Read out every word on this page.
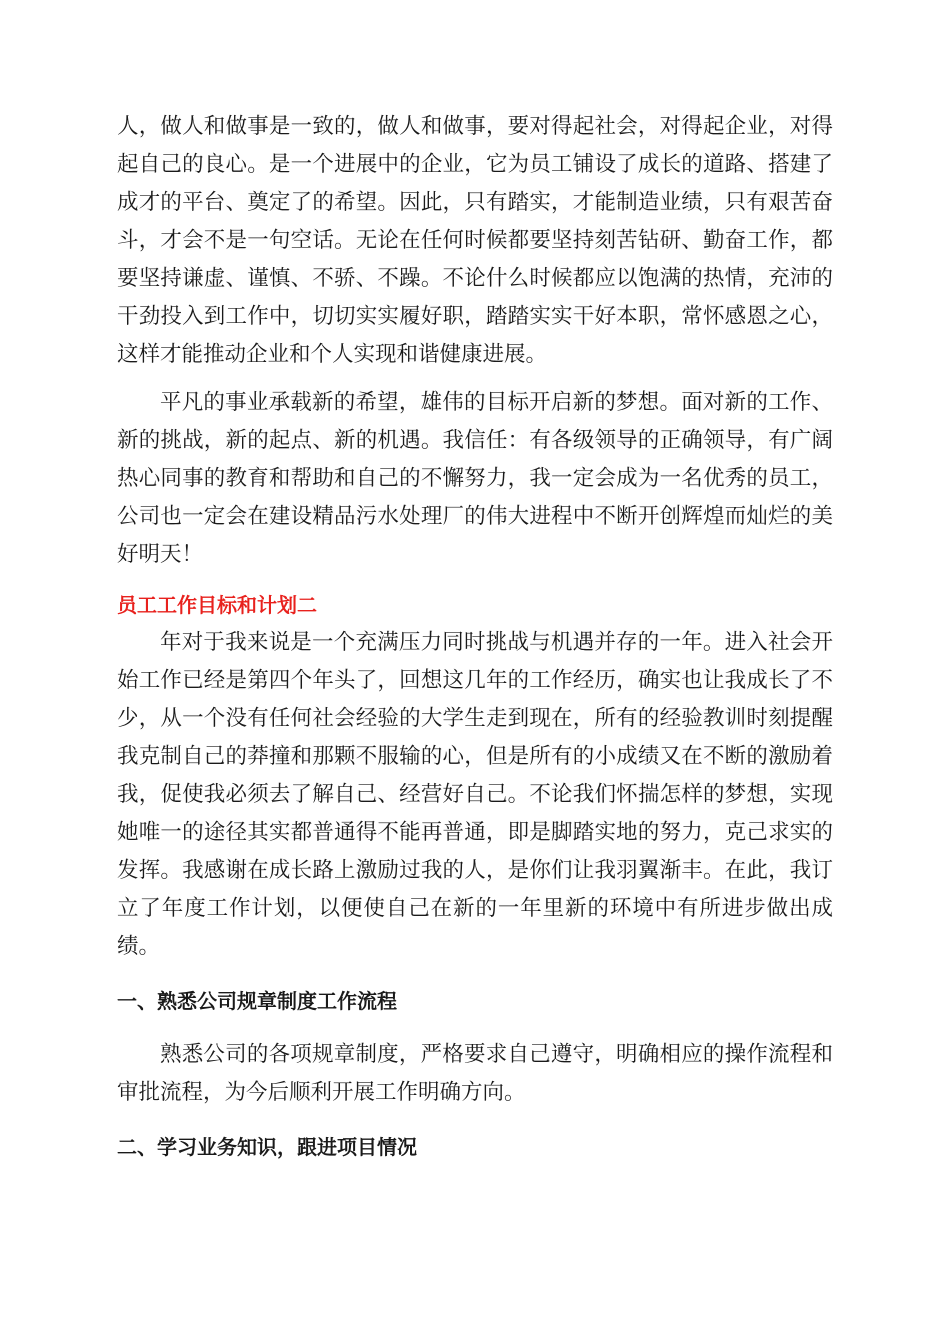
人，做人和做事是一致的，做人和做事，要对得起社会，对得起企业，对得起自己的良心。是一个进展中的企业，它为员工铺设了成长的道路、搭建了成才的平台、奠定了的希望。因此，只有踏实，才能制造业绩，只有艰苦奋斗，才会不是一句空话。无论在任何时候都要坚持刻苦钻研、勤奋工作，都要坚持谦虚、谨慎、不骄、不躁。不论什么时候都应以饱满的热情，充沛的干劲投入到工作中，切切实实履好职，踏踏实实干好本职，常怀感恩之心，这样才能推动企业和个人实现和谐健康进展。

平凡的事业承载新的希望，雄伟的目标开启新的梦想。面对新的工作、新的挑战，新的起点、新的机遇。我信任：有各级领导的正确领导，有广阔热心同事的教育和帮助和自己的不懈努力，我一定会成为一名优秀的员工，公司也一定会在建设精品污水处理厂的伟大进程中不断开创辉煌而灿烂的美好明天！

员工工作目标和计划二

年对于我来说是一个充满压力同时挑战与机遇并存的一年。进入社会开始工作已经是第四个年头了，回想这几年的工作经历，确实也让我成长了不少，从一个没有任何社会经验的大学生走到现在，所有的经验教训时刻提醒我克制自己的莽撞和那颗不服输的心，但是所有的小成绩又在不断的激励着我，促使我必须去了解自己、经营好自己。不论我们怀揣怎样的梦想，实现她唯一的途径其实都普通得不能再普通，即是脚踏实地的努力，克己求实的发挥。我感谢在成长路上激励过我的人，是你们让我羽翼渐丰。在此，我订立了年度工作计划，以便使自己在新的一年里新的环境中有所进步做出成绩。

一、熟悉公司规章制度工作流程

熟悉公司的各项规章制度，严格要求自己遵守，明确相应的操作流程和审批流程，为今后顺利开展工作明确方向。

二、学习业务知识，跟进项目情况
